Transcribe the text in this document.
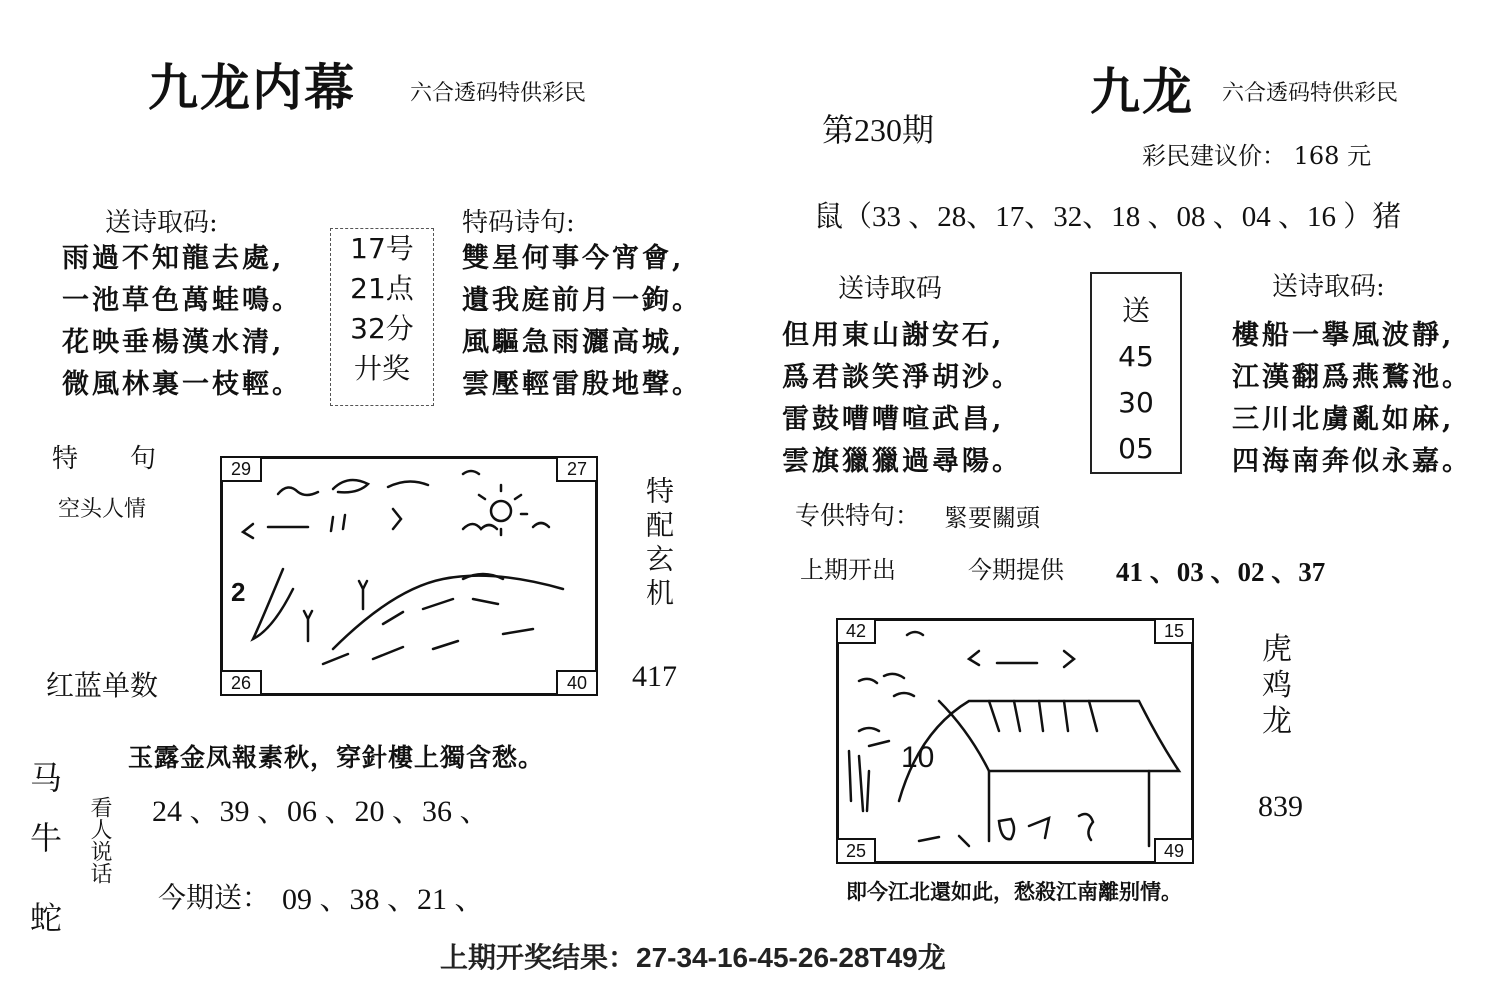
九龙内幕 六合透码特供彩民
送诗取码:
雨過不知龍去處,
一池草色萬蛙鳴。
花映垂楊漢水清,
微風林裏一枝輕。
17号
21点
32分
廾奖
特码诗句:
雙星何事今宵會,
遺我庭前月一鉤。
風驅急雨灑高城,
雲壓輕雷殷地聲。
特　　句
空头人情
红蓝单数
2
29	27
26	40
特配玄机
417
玉露金凤報素秋，穿針樓上獨含愁。
马
牛
蛇
看人说话 24 、39 、06 、20 、36 、
今期送： 09 、38 、21 、
第230期
九龙 六合透码特供彩民
彩民建议价： 168 元
鼠（33 、28、17、32、18 、08 、04 、16 ）猪
送诗取码
但用東山謝安石,
爲君談笑淨胡沙。
雷鼓嘈嘈喧武昌,
雲旗獵獵過尋陽。
送
45
30
05
送诗取码:
樓船一擧風波靜,
江漢翻爲燕鶩池。
三川北虜亂如麻,
四海南奔似永嘉。
专供特句： 緊要關頭
上期开出	今期提供 41 、03 、02 、37
10
42	15
25	49
虎
鸡
龙
839
即今江北還如此，愁殺江南離别情。
上期开奖结果：27-34-16-45-26-28T49龙
